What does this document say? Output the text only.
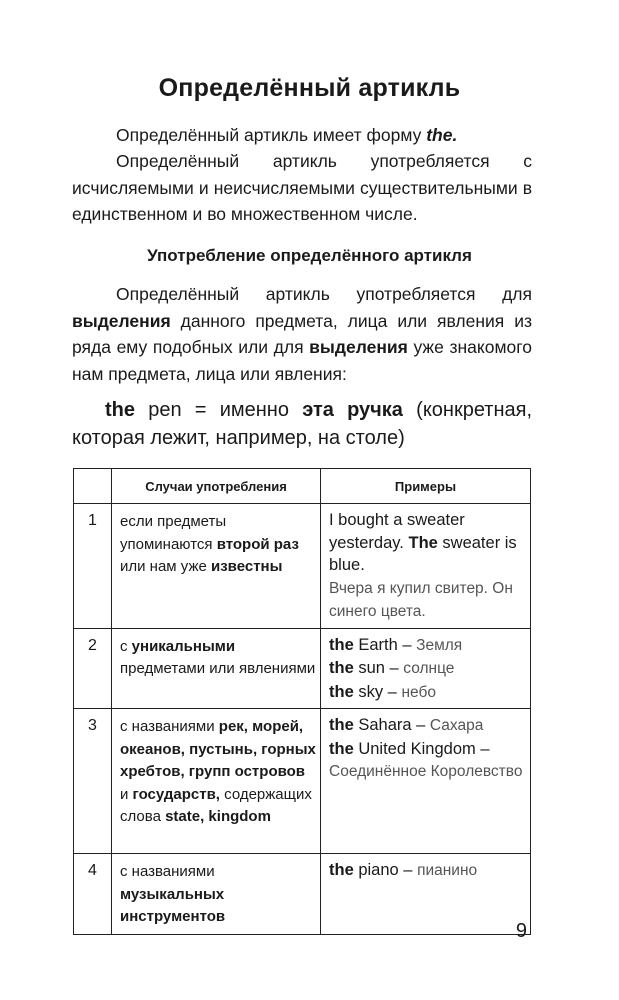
Определённый артикль
Определённый артикль имеет форму the.
Определённый артикль употребляется с исчисляемыми и неисчисляемыми существительными в единственном и во множественном числе.
Употребление определённого артикля
Определённый артикль употребляется для выделения данного предмета, лица или явления из ряда ему подобных или для выделения уже знакомого нам предмета, лица или явления:
the pen = именно эта ручка (конкретная, которая лежит, например, на столе)
	Случаи употребления	Примеры
1	если предметы упоминаются второй раз или нам уже известны	I bought a sweater yesterday. The sweater is blue.
Вчера я купил свитер. Он синего цвета.
2	с уникальными предметами или явлениями	the Earth – Земля
the sun – солнце
the sky – небо
3	с названиями рек, морей, океанов, пустынь, горных хребтов, групп островов и государств, содержащих слова state, kingdom	the Sahara – Сахара
the United Kingdom – Соединённое Королевство
4	с названиями музыкальных инструментов	the piano – пианино
9
